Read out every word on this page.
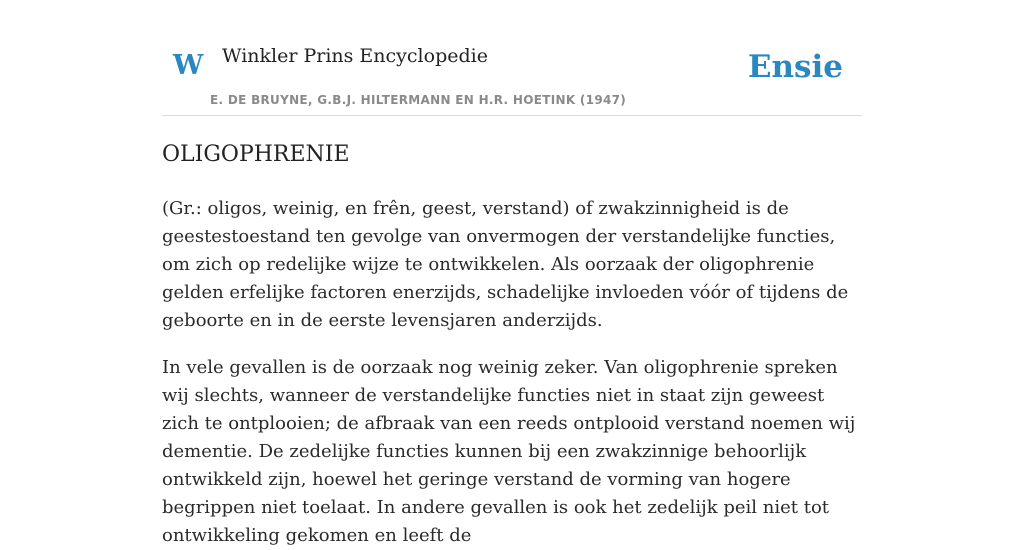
W Winkler Prins Encyclopedie	Ensie
E. DE BRUYNE, G.B.J. HILTERMANN EN H.R. HOETINK (1947)
OLIGOPHRENIE

(Gr.: oligos, weinig, en frên, geest, verstand) of zwakzinnigheid is de geestestoestand ten gevolge van onvermogen der verstandelijke functies, om zich op redelijke wijze te ontwikkelen. Als oorzaak der oligophrenie gelden erfelijke factoren enerzijds, schadelijke invloeden vóór of tijdens de geboorte en in de eerste levensjaren anderzijds.

In vele gevallen is de oorzaak nog weinig zeker. Van oligophrenie spreken wij slechts, wanneer de verstandelijke functies niet in staat zijn geweest zich te ontplooien; de afbraak van een reeds ontplooid verstand noemen wij dementie. De zedelijke functies kunnen bij een zwakzinnige behoorlijk ontwikkeld zijn, hoewel het geringe verstand de vorming van hogere begrippen niet toelaat. In andere gevallen is ook het zedelijk peil niet tot ontwikkeling gekomen en leeft de
